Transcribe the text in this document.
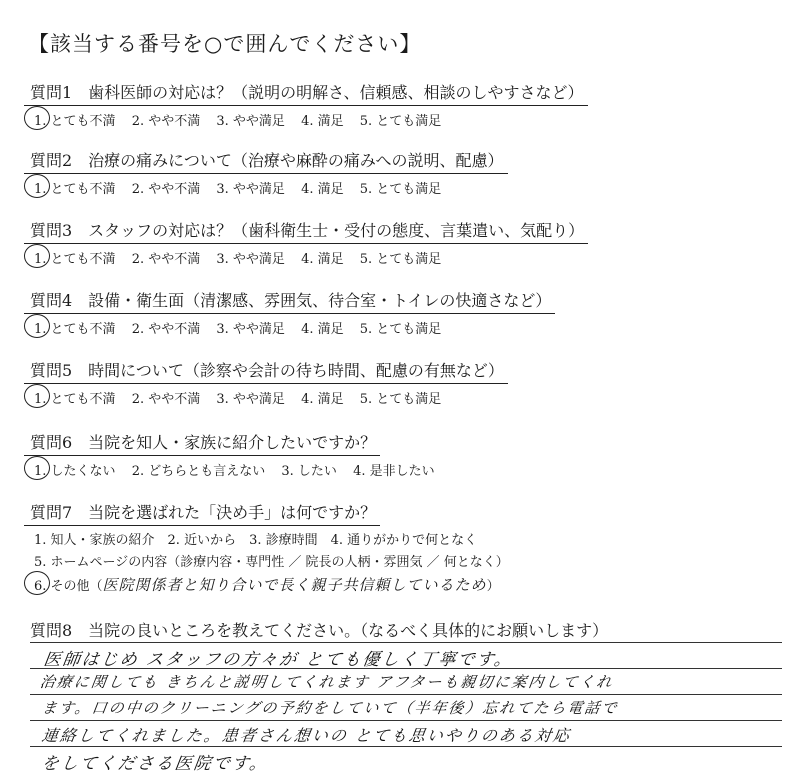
【該当する番号を○で囲んでください】
質問1　歯科医師の対応は？（説明の明解さ、信頼感、相談のしやすさなど）
1. とても不満 2. やや不満 3. やや満足 4. 満足 5. とても満足
質問2　治療の痛みについて（治療や麻酔の痛みへの説明、配慮）
1. とても不満 2. やや不満 3. やや満足 4. 満足 5. とても満足
質問3　スタッフの対応は？（歯科衛生士・受付の態度、言葉遣い、気配り）
1. とても不満 2. やや不満 3. やや満足 4. 満足 5. とても満足
質問4　設備・衛生面（清潔感、雰囲気、待合室・トイレの快適さなど）
1. とても不満 2. やや不満 3. やや満足 4. 満足 5. とても満足
質問5　時間について（診察や会計の待ち時間、配慮の有無など）
1. とても不満 2. やや不満 3. やや満足 4. 満足 5. とても満足
質問6　当院を知人・家族に紹介したいですか？
1. したくない 2. どちらとも言えない 3. したい 4. 是非したい
質問7　当院を選ばれた「決め手」は何ですか？
1. 知人・家族の紹介　2. 近いから　3. 診療時間　4. 通りがかりで何となく
5. ホームページの内容（診療内容・専門性 ／ 院長の人柄・雰囲気 ／ 何となく）
6. その他（医院関係者と知り合いで長く親子共信頼しているため）
質問8　当院の良いところを教えてください。（なるべく具体的にお願いします）
医師はじめ スタッフの方々が とても優しく丁寧です。
治療に関しても きちんと説明してくれます アフターも親切に案内してくれ
ます。口の中のクリーニングの予約をしていて（半年後）忘れてたら電話で
連絡してくれました。患者さん想いの とても思いやりのある対応
をしてくださる医院です。
